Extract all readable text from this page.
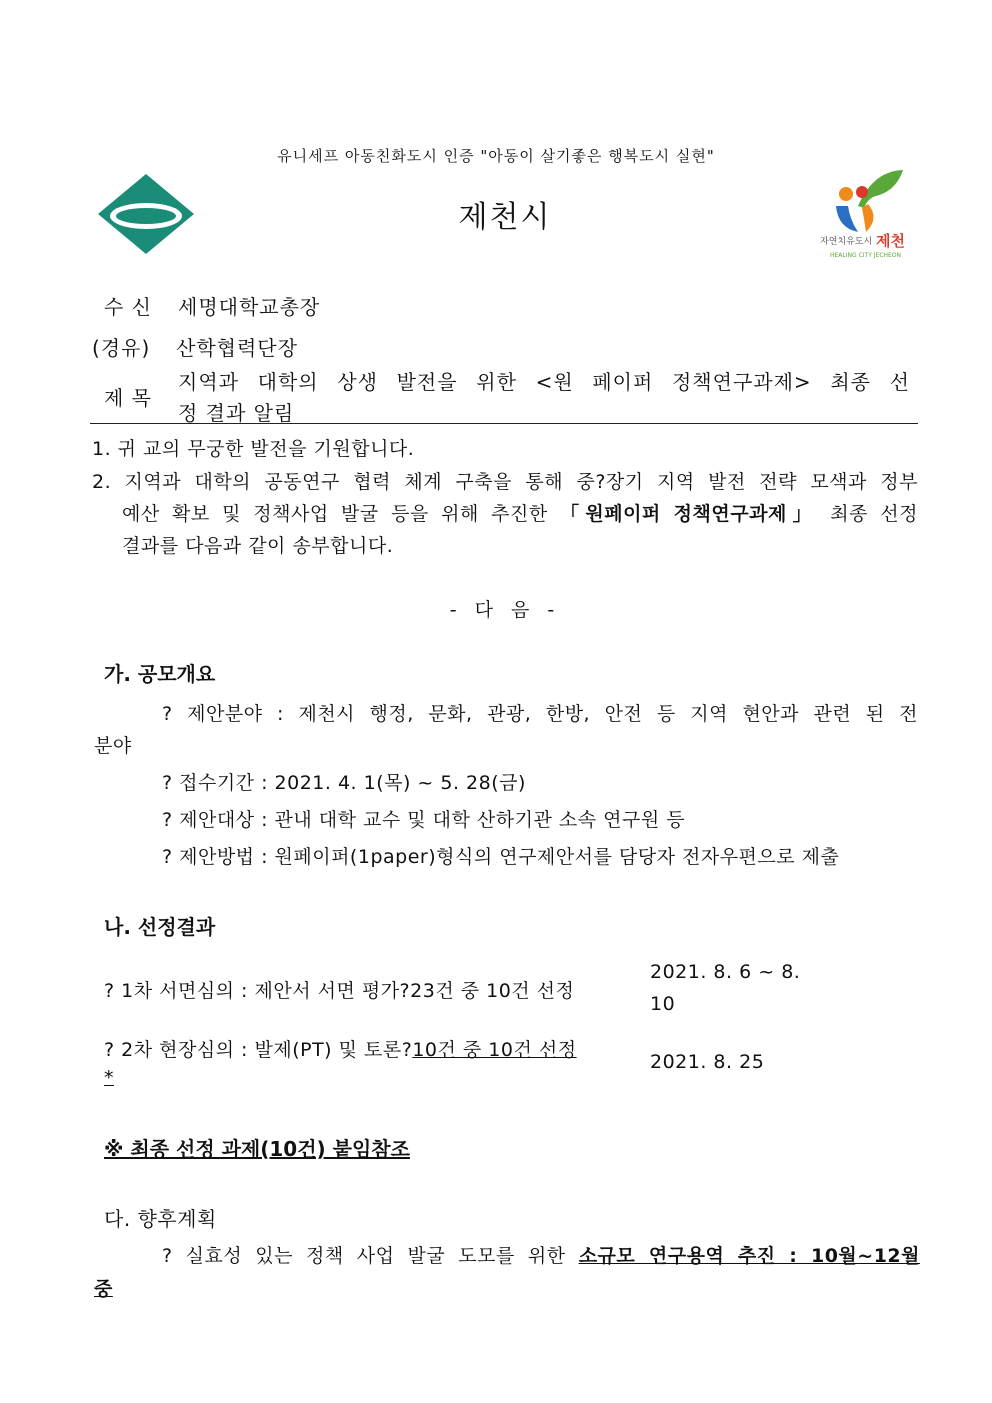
유니세프 아동친화도시 인증 "아동이 살기좋은 행복도시 실현"
제천시
자연치유도시 제천
HEALING CITY JECHEON
수 신 세명대학교총장
(경유) 산학협력단장
제 목
지역과 대학의 상생 발전을 위한 <원 페이퍼 정책연구과제> 최종 선
정 결과 알림
1. 귀 교의 무궁한 발전을 기원합니다.
2. 지역과 대학의 공동연구 협력 체계 구축을 통해 중?장기 지역 발전 전략 모색과 정부
예산 확보 및 정책사업 발굴 등을 위해 추진한 「원페이퍼 정책연구과제」 최종 선정
결과를 다음과 같이 송부합니다.
- 다 음 -
가. 공모개요
? 제안분야 : 제천시 행정, 문화, 관광, 한방, 안전 등 지역 현안과 관련 된 전
분야
? 접수기간 : 2021. 4. 1(목) ~ 5. 28(금)
? 제안대상 : 관내 대학 교수 및 대학 산하기관 소속 연구원 등
? 제안방법 : 원페이퍼(1paper)형식의 연구제안서를 담당자 전자우편으로 제출
나. 선정결과
? 1차 서면심의 : 제안서 서면 평가?23건 중 10건 선정
2021. 8. 6 ~ 8.
10
? 2차 현장심의 : 발제(PT) 및 토론?10건 중 10건 선정
*
2021. 8. 25
※ 최종 선정 과제(10건) 붙임참조
다. 향후계획
? 실효성 있는 정책 사업 발굴 도모를 위한 소규모 연구용역 추진 : 10월~12월
중
